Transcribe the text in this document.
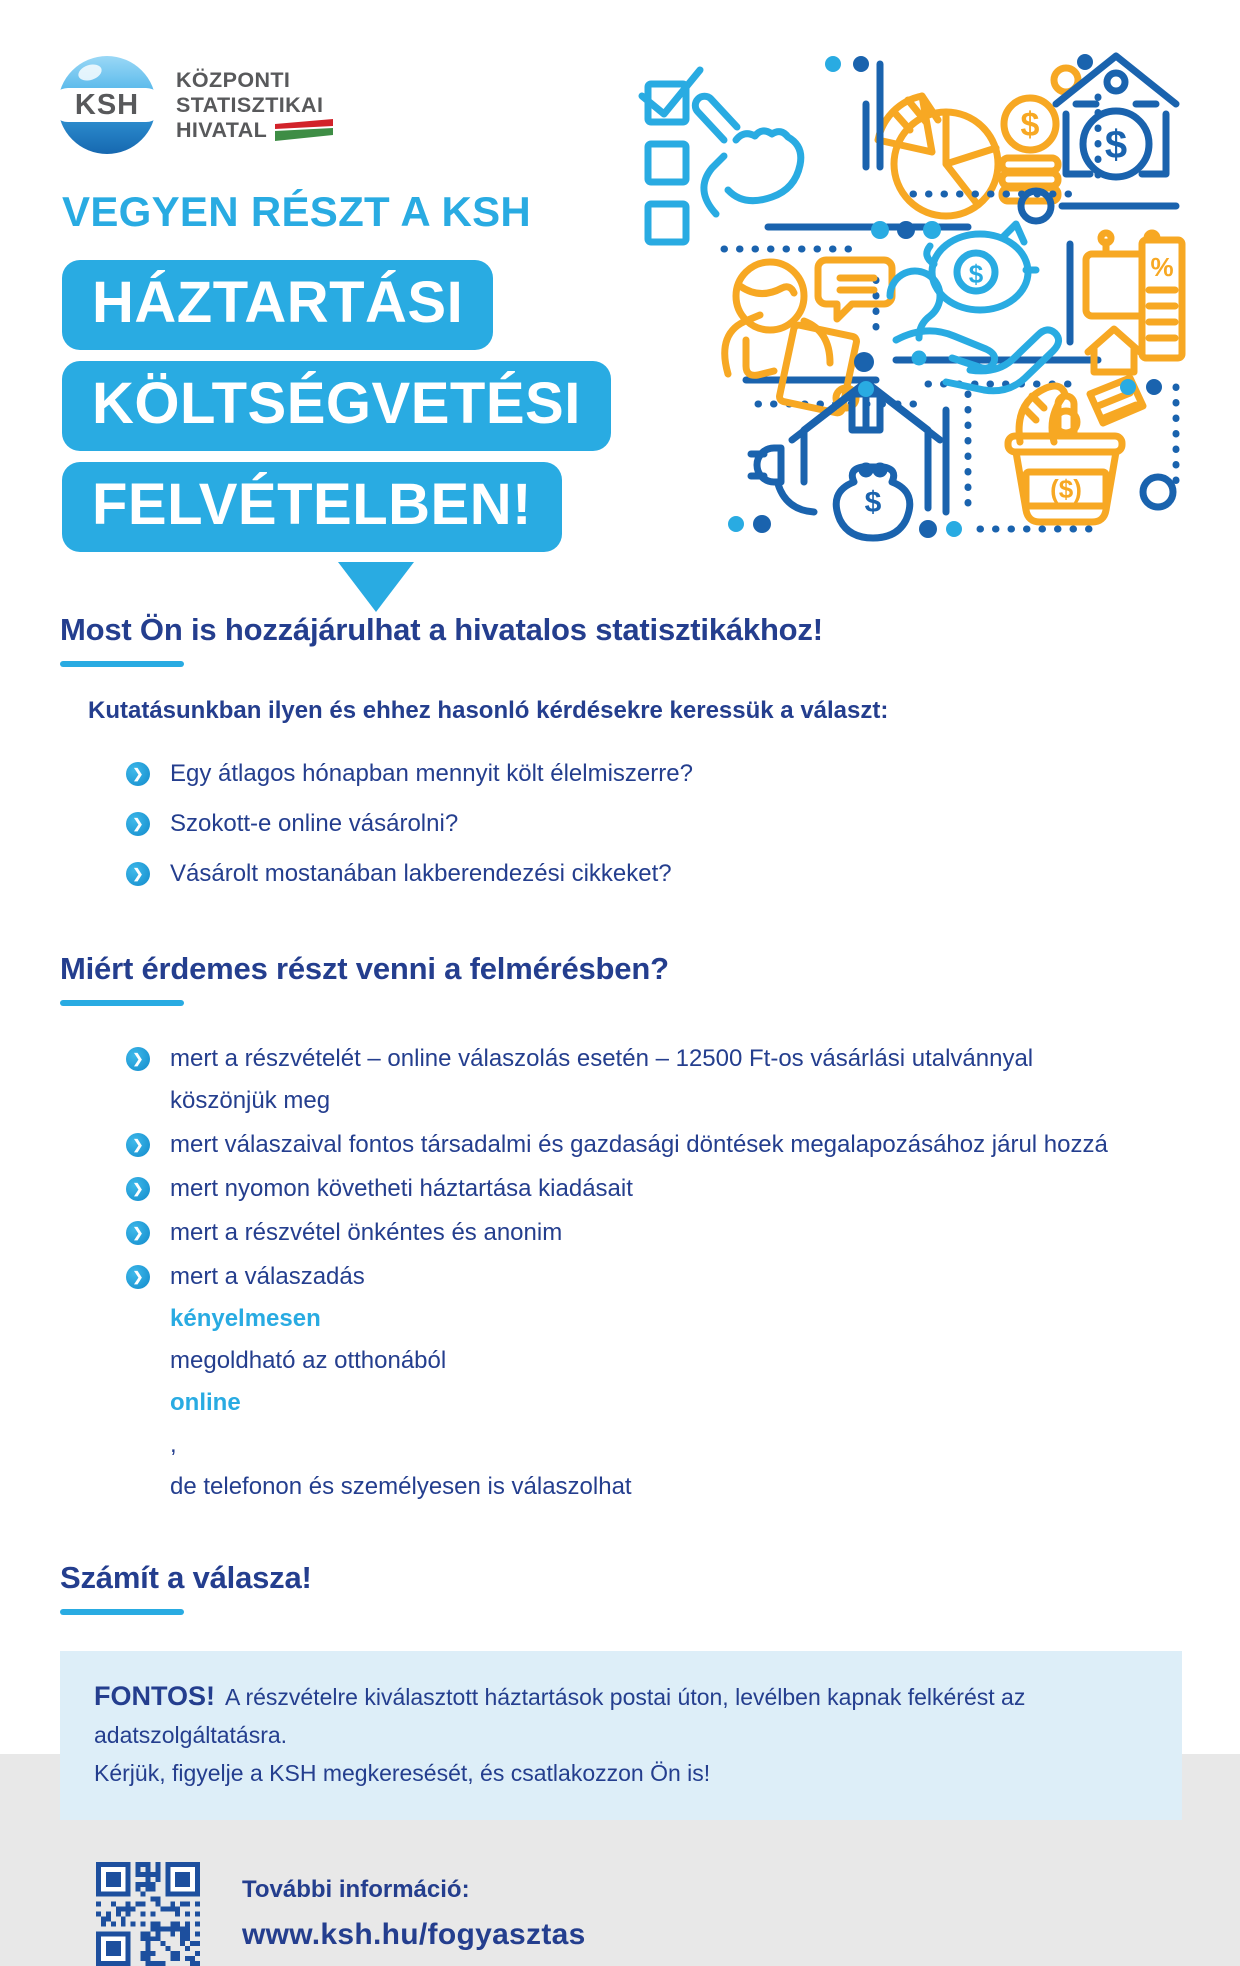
KSH
KÖZPONTI
STATISZTIKAI
HIVATAL
VEGYEN RÉSZT A KSH
HÁZTARTÁSI
KÖLTSÉGVETÉSI
FELVÉTELBEN!
$ $
$	%
$	($)
Most Ön is hozzájárulhat a hivatalos statisztikákhoz!
Kutatásunkban ilyen és ehhez hasonló kérdésekre keressük a választ:
❯ Egy átlagos hónapban mennyit költ élelmiszerre?
❯ Szokott-e online vásárolni?
❯ Vásárolt mostanában lakberendezési cikkeket?
Miért érdemes részt venni a felmérésben?
❯ mert a részvételét – online válaszolás esetén – 12500 Ft-os vásárlási utalvánnyal
köszönjük meg
❯ mert válaszaival fontos társadalmi és gazdasági döntések megalapozásához járul hozzá
❯ mert nyomon követheti háztartása kiadásait
❯ mert a részvétel önkéntes és anonim
❯ mert a válaszadás
kényelmesen
megoldható az otthonából
online
,
de telefonon és személyesen is válaszolhat
Számít a válasza!
FONTOS! A részvételre kiválasztott háztartások postai úton, levélben kapnak felkérést az adatszolgáltatásra.
Kérjük, figyelje a KSH megkeresését, és csatlakozzon Ön is!
További információ:
www.ksh.hu/fogyasztas
